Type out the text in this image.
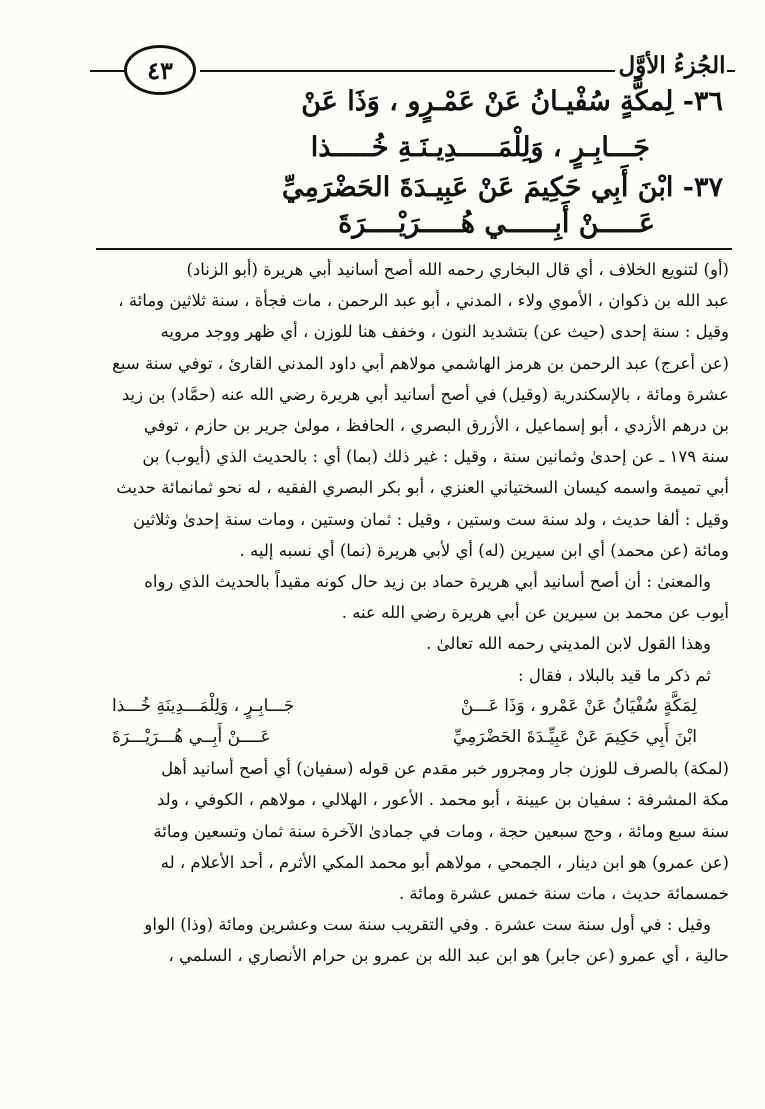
الجُزءُ الأوَّل
٤٣
٣٦- لِمكَّةٍ سُفْيـانُ عَنْ عَمْـرٍو ، وَذَا عَنْ
جَـــابِـرٍ ، وَلِلْمَـــــدِيـنَـةِ خُـــــذا
٣٧- ابْنَ أَبِي حَكِيمَ عَنْ عَبِيـدَةَ الحَضْرَمِيِّ
عَـــــنْ أَبِــــــي هُـــــرَيْــــرَةَ

(أو) لتنويع الخلاف ، أي قال البخاري رحمه الله أصح أسانيد أبي هريرة (أبو الزناد)

عبد الله بن ذكوان ، الأموي ولاء ، المدني ، أبو عبد الرحمن ، مات فجأة ، سنة ثلاثين ومائة ،

وقيل : سنة إحدى (حيث عن) بتشديد النون ، وخفف هنا للوزن ، أي ظهر ووجد مرويه

(عن أعرج) عبد الرحمن بن هرمز الهاشمي مولاهم أبي داود المدني القارئ ، توفي سنة سبع

عشرة ومائة ، بالإسكندرية (وقيل) في أصح أسانيد أبي هريرة رضي الله عنه (حمَّاد) بن زيد

بن درهم الأزدي ، أبو إسماعيل ، الأزرق البصري ، الحافظ ، مولىٰ جرير بن حازم ، توفي

سنة ١٧٩ ـ عن إحدىٰ وثمانين سنة ، وقيل : غير ذلك (بما) أي : بالحديث الذي (أيوب) بن

أبي تميمة واسمه كيسان السختياني العنزي ، أبو بكر البصري الفقيه ، له نحو ثمانمائة حديث

وقيل : ألفا حديث ، ولد سنة ست وستين ، وقيل : ثمان وستين ، ومات سنة إحدىٰ وثلاثين

ومائة (عن محمد) أي ابن سيرين (له) أي لأبي هريرة (نما) أي نسبه إليه .

والمعنىٰ : أن أصح أسانيد أبي هريرة حماد بن زيد حال كونه مقيداً بالحديث الذي رواه

أيوب عن محمد بن سيرين عن أبي هريرة رضي الله عنه .

وهذا القول لابن المديني رحمه الله تعالىٰ .

ثم ذكر ما قيد بالبلاد ، فقال :

لِمَكَّةٍ سُفْيَانُ عَنْ عَمْرو ، وَذَا عَـــنْ
جَـــابِـرٍ ، وَلِلْمَـــدِينَةِ خُـــذا
ابْنَ أَبِي حَكِيمَ عَنْ عَبِيِّـدَةَ الحَضْرَمِيِّ
عَــــنْ أَبِــي هُـــرَيْـــرَةَ

(لمكة) بالصرف للوزن جار ومجرور خبر مقدم عن قوله (سفيان) أي أصح أسانيد أهل

مكة المشرفة : سفيان بن عيينة ، أبو محمد . الأعور ، الهلالي ، مولاهم ، الكوفي ، ولد

سنة سبع ومائة ، وحج سبعين حجة ، ومات في جمادىٰ الآخرة سنة ثمان وتسعين ومائة

(عن عمرو) هو ابن دينار ، الجمحي ، مولاهم أبو محمد المكي الأثرم ، أحد الأعلام ، له

خمسمائة حديث ، مات سنة خمس عشرة ومائة .

وقيل : في أول سنة ست عشرة . وفي التقريب سنة ست وعشرين ومائة (وذا) الواو

حالية ، أي عمرو (عن جابر) هو ابن عبد الله بن عمرو بن حرام الأنصاري ، السلمي ،
